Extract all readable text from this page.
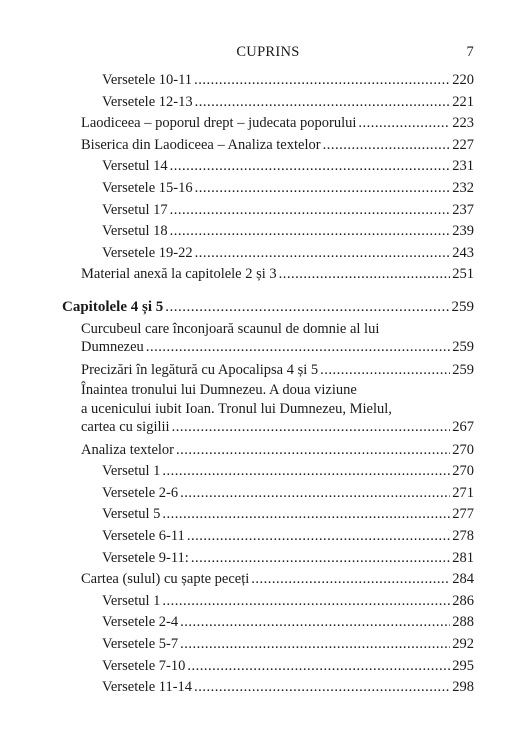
CUPRINS	7
Versetele 10-11 .....	220
Versetele 12-13 .....	221
Laodiceea – poporul drept – judecata poporului .....	223
Biserica din Laodiceea – Analiza textelor .....	227
Versetul 14 .....	231
Versetele 15-16 .....	232
Versetul 17 .....	237
Versetul 18 .....	239
Versetele 19-22 .....	243
Material anexă la capitolele 2 și 3 .....	251
Capitolele 4 și 5 .....	259
Curcubeul care înconjoară scaunul de domnie al lui
Dumnezeu .....	259
Precizări în legătură cu Apocalipsa 4 și 5 .....	259
Înaintea tronului lui Dumnezeu. A doua viziune
a ucenicului iubit Ioan. Tronul lui Dumnezeu, Mielul,
cartea cu sigilii .....	267
Analiza textelor .....	270
Versetul 1 .....	270
Versetele 2-6 .....	271
Versetul 5 .....	277
Versetele 6-11 .....	278
Versetele 9-11: .....	281
Cartea (sulul) cu șapte peceți .....	284
Versetul 1 .....	286
Versetele 2-4 .....	288
Versetele 5-7 .....	292
Versetele 7-10 .....	295
Versetele 11-14 .....	298
